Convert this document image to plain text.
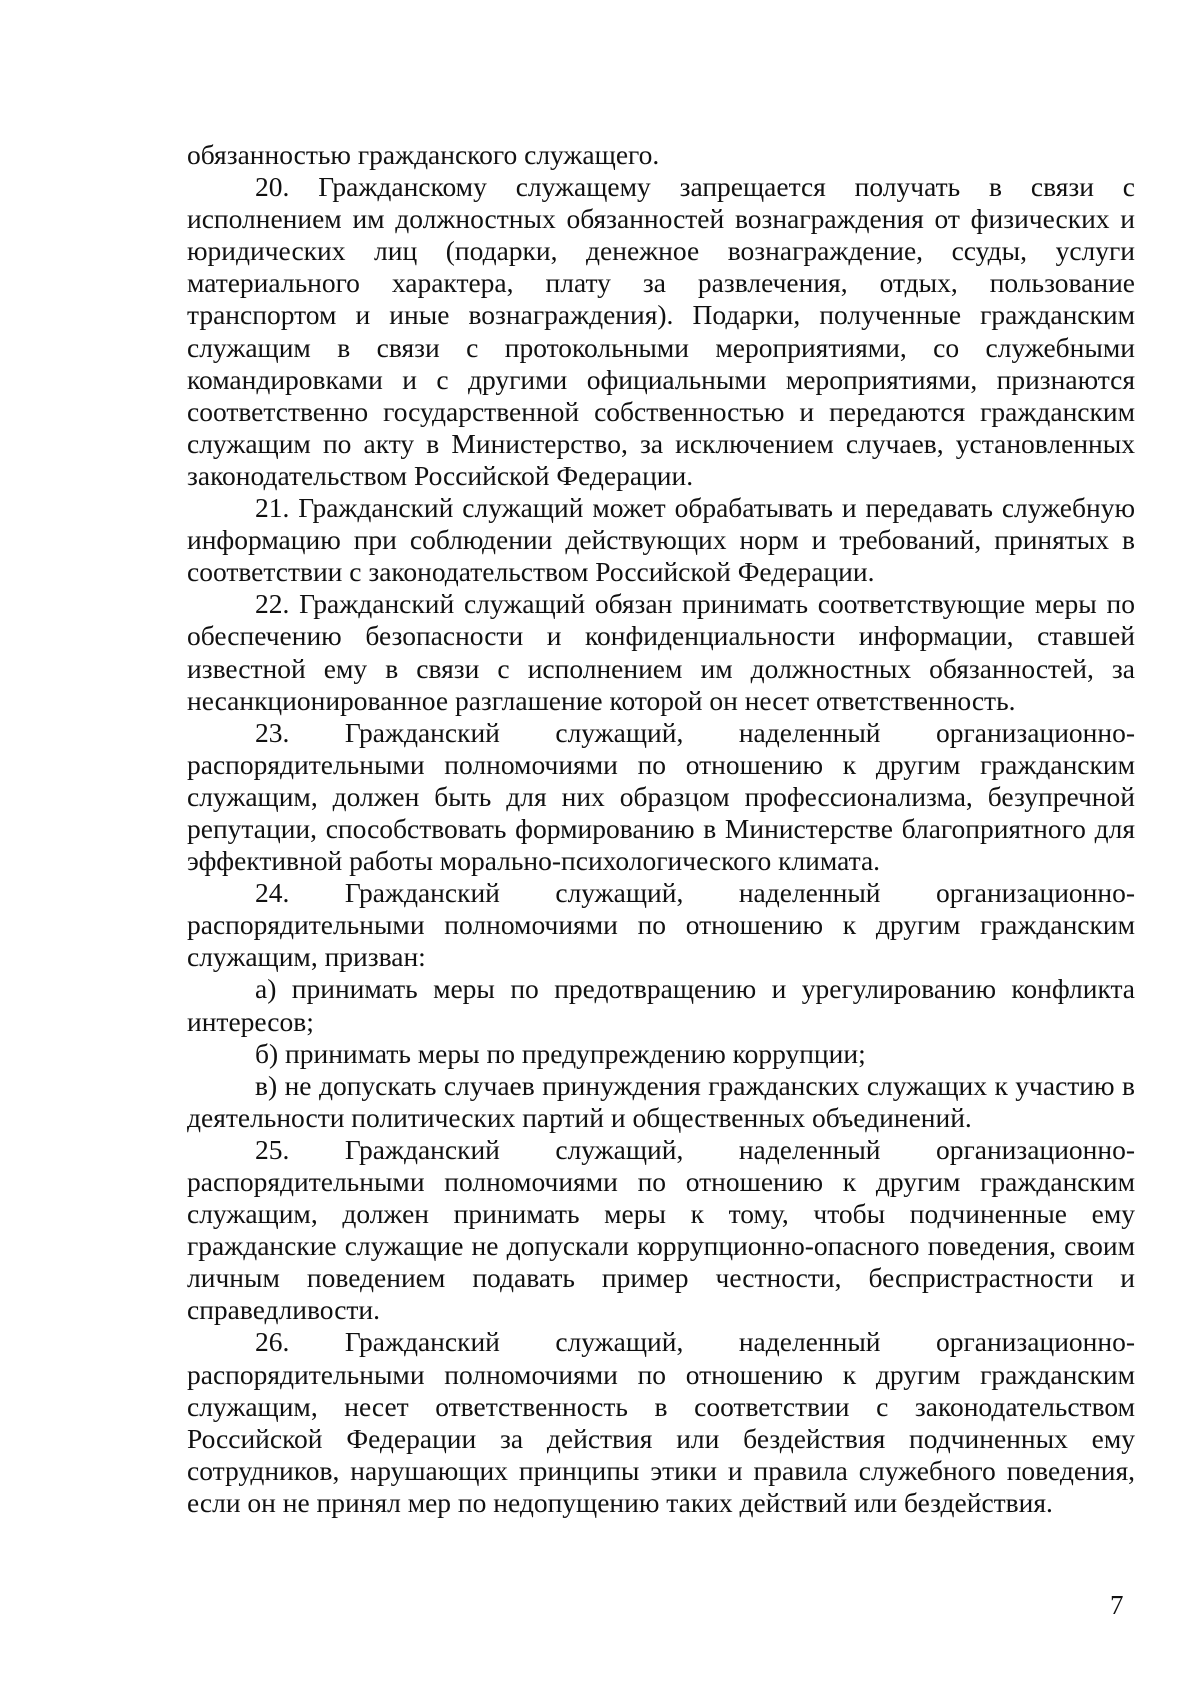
обязанностью гражданского служащего.

20. Гражданскому служащему запрещается получать в связи с исполнением им должностных обязанностей вознаграждения от физических и юридических лиц (подарки, денежное вознаграждение, ссуды, услуги материального характера, плату за развлечения, отдых, пользование транспортом и иные вознаграждения). Подарки, полученные гражданским служащим в связи с протокольными мероприятиями, со служебными командировками и с другими официальными мероприятиями, признаются соответственно государственной собственностью и передаются гражданским служащим по акту в Министерство, за исключением случаев, установленных законодательством Российской Федерации.

21. Гражданский служащий может обрабатывать и передавать служебную информацию при соблюдении действующих норм и требований, принятых в соответствии с законодательством Российской Федерации.

22. Гражданский служащий обязан принимать соответствующие меры по обеспечению безопасности и конфиденциальности информации, ставшей известной ему в связи с исполнением им должностных обязанностей, за несанкционированное разглашение которой он несет ответственность.

23. Гражданский служащий, наделенный организационно-распорядительными полномочиями по отношению к другим гражданским служащим, должен быть для них образцом профессионализма, безупречной репутации, способствовать формированию в Министерстве благоприятного для эффективной работы морально-психологического климата.

24. Гражданский служащий, наделенный организационно-распорядительными полномочиями по отношению к другим гражданским служащим, призван:

а) принимать меры по предотвращению и урегулированию конфликта интересов;

б) принимать меры по предупреждению коррупции;

в) не допускать случаев принуждения гражданских служащих к участию в деятельности политических партий и общественных объединений.

25. Гражданский служащий, наделенный организационно-распорядительными полномочиями по отношению к другим гражданским служащим, должен принимать меры к тому, чтобы подчиненные ему гражданские служащие не допускали коррупционно-опасного поведения, своим личным поведением подавать пример честности, беспристрастности и справедливости.

26. Гражданский служащий, наделенный организационно-распорядительными полномочиями по отношению к другим гражданским служащим, несет ответственность в соответствии с законодательством Российской Федерации за действия или бездействия подчиненных ему сотрудников, нарушающих принципы этики и правила служебного поведения, если он не принял мер по недопущению таких действий или бездействия.

7
